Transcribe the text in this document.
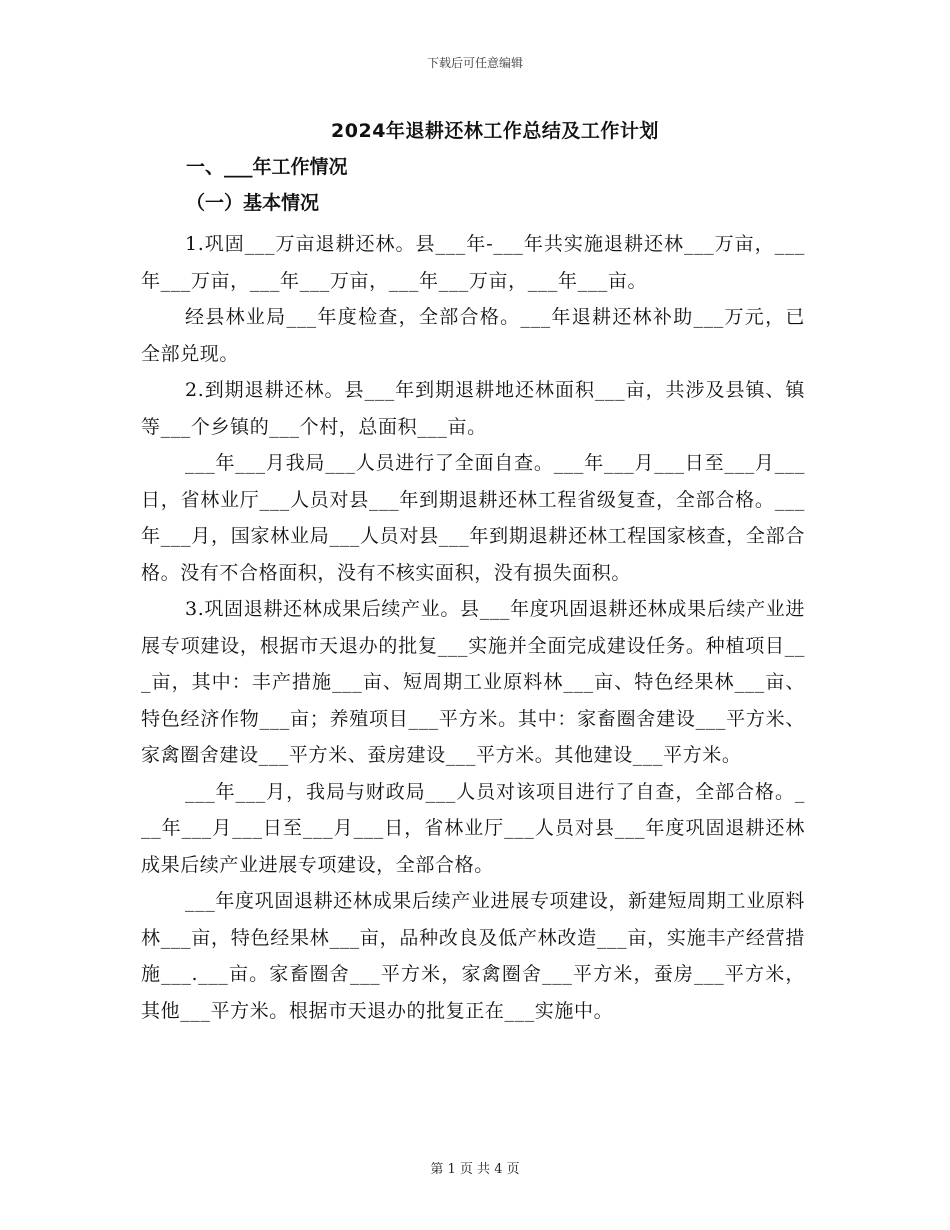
下载后可任意编辑
2024年退耕还林工作总结及工作计划
一、___年工作情况
（一）基本情况

1.巩固___万亩退耕还林。县___年-___年共实施退耕还林___万亩，___年___万亩，___年___万亩，___年___万亩，___年___亩。

经县林业局___年度检查，全部合格。___年退耕还林补助___万元，已全部兑现。

2.到期退耕还林。县___年到期退耕地还林面积___亩，共涉及县镇、镇等___个乡镇的___个村，总面积___亩。

___年___月我局___人员进行了全面自查。___年___月___日至___月___日，省林业厅___人员对县___年到期退耕还林工程省级复查，全部合格。___年___月，国家林业局___人员对县___年到期退耕还林工程国家核查，全部合格。没有不合格面积，没有不核实面积，没有损失面积。

3.巩固退耕还林成果后续产业。县___年度巩固退耕还林成果后续产业进展专项建设，根据市天退办的批复___实施并全面完成建设任务。种植项目___亩，其中：丰产措施___亩、短周期工业原料林___亩、特色经果林___亩、特色经济作物___亩；养殖项目___平方米。其中：家畜圈舍建设___平方米、家禽圈舍建设___平方米、蚕房建设___平方米。其他建设___平方米。

___年___月，我局与财政局___人员对该项目进行了自查，全部合格。___年___月___日至___月___日，省林业厅___人员对县___年度巩固退耕还林成果后续产业进展专项建设，全部合格。

___年度巩固退耕还林成果后续产业进展专项建设，新建短周期工业原料林___亩，特色经果林___亩，品种改良及低产林改造___亩，实施丰产经营措施___.___亩。家畜圈舍___平方米，家禽圈舍___平方米，蚕房___平方米，其他___平方米。根据市天退办的批复正在___实施中。

第 1 页 共 4 页
